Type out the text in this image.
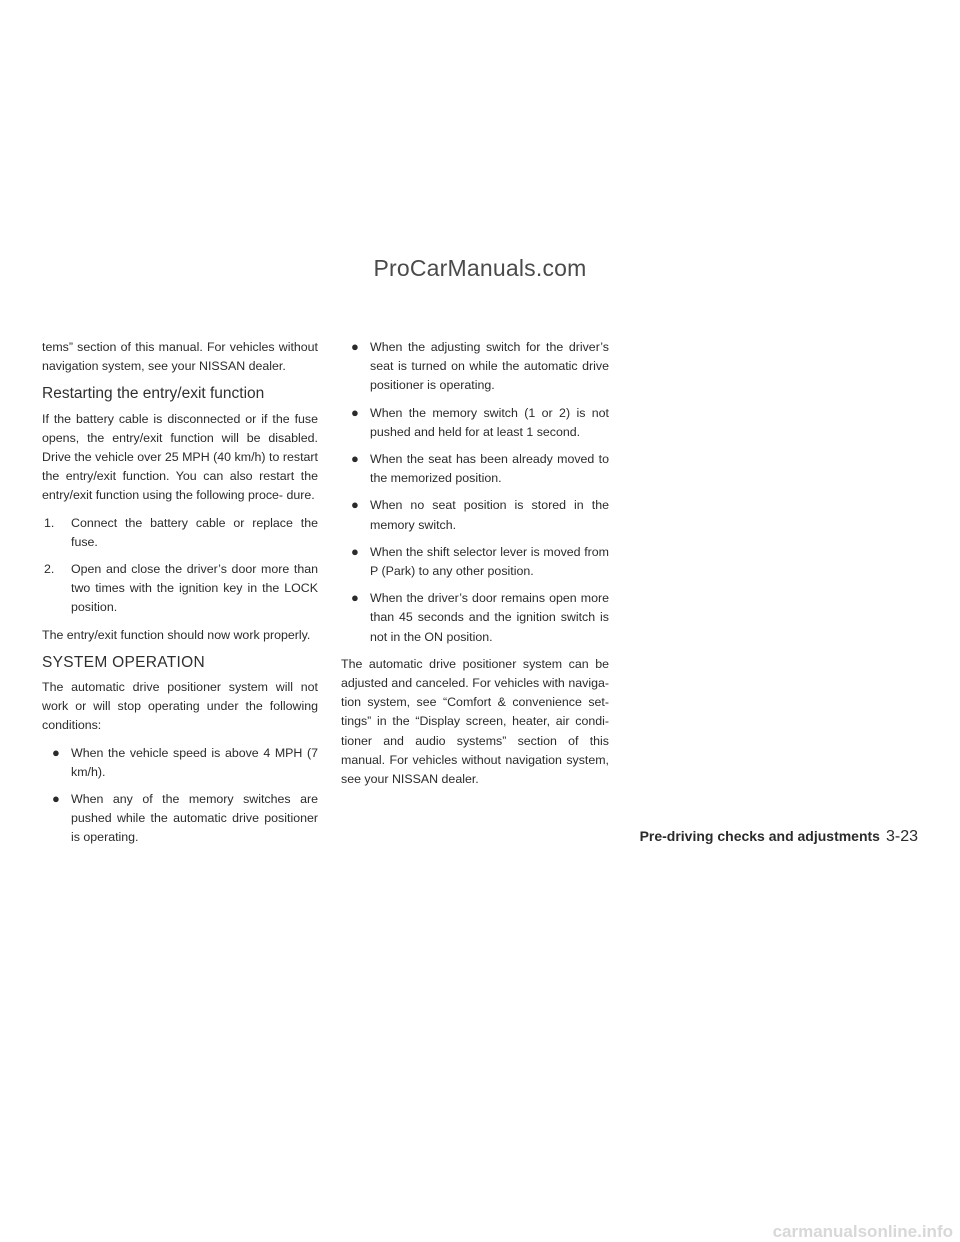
ProCarManuals.com

tems” section of this manual. For vehicles without navigation system, see your NISSAN dealer.

Restarting the entry/exit function

If the battery cable is disconnected or if the fuse opens, the entry/exit function will be disabled. Drive the vehicle over 25 MPH (40 km/h) to restart the entry/exit function. You can also restart the entry/exit function using the following proce- dure.

1. Connect the battery cable or replace the fuse.
2. Open and close the driver’s door more than two times with the ignition key in the LOCK position.

The entry/exit function should now work properly.

SYSTEM OPERATION

The automatic drive positioner system will not work or will stop operating under the following conditions:

● When the vehicle speed is above 4 MPH (7 km/h).
● When any of the memory switches are pushed while the automatic drive positioner is operating.
● When the adjusting switch for the driver’s seat is turned on while the automatic drive positioner is operating.
● When the memory switch (1 or 2) is not pushed and held for at least 1 second.
● When the seat has been already moved to the memorized position.
● When no seat position is stored in the memory switch.
● When the shift selector lever is moved from P (Park) to any other position.
● When the driver’s door remains open more than 45 seconds and the ignition switch is not in the ON position.

The automatic drive positioner system can be adjusted and canceled. For vehicles with naviga- tion system, see “Comfort & convenience set- tings” in the “Display screen, heater, air condi- tioner and audio systems” section of this manual. For vehicles without navigation system, see your NISSAN dealer.

Pre-driving checks and adjustments 3-23
carmanualsonline.info
